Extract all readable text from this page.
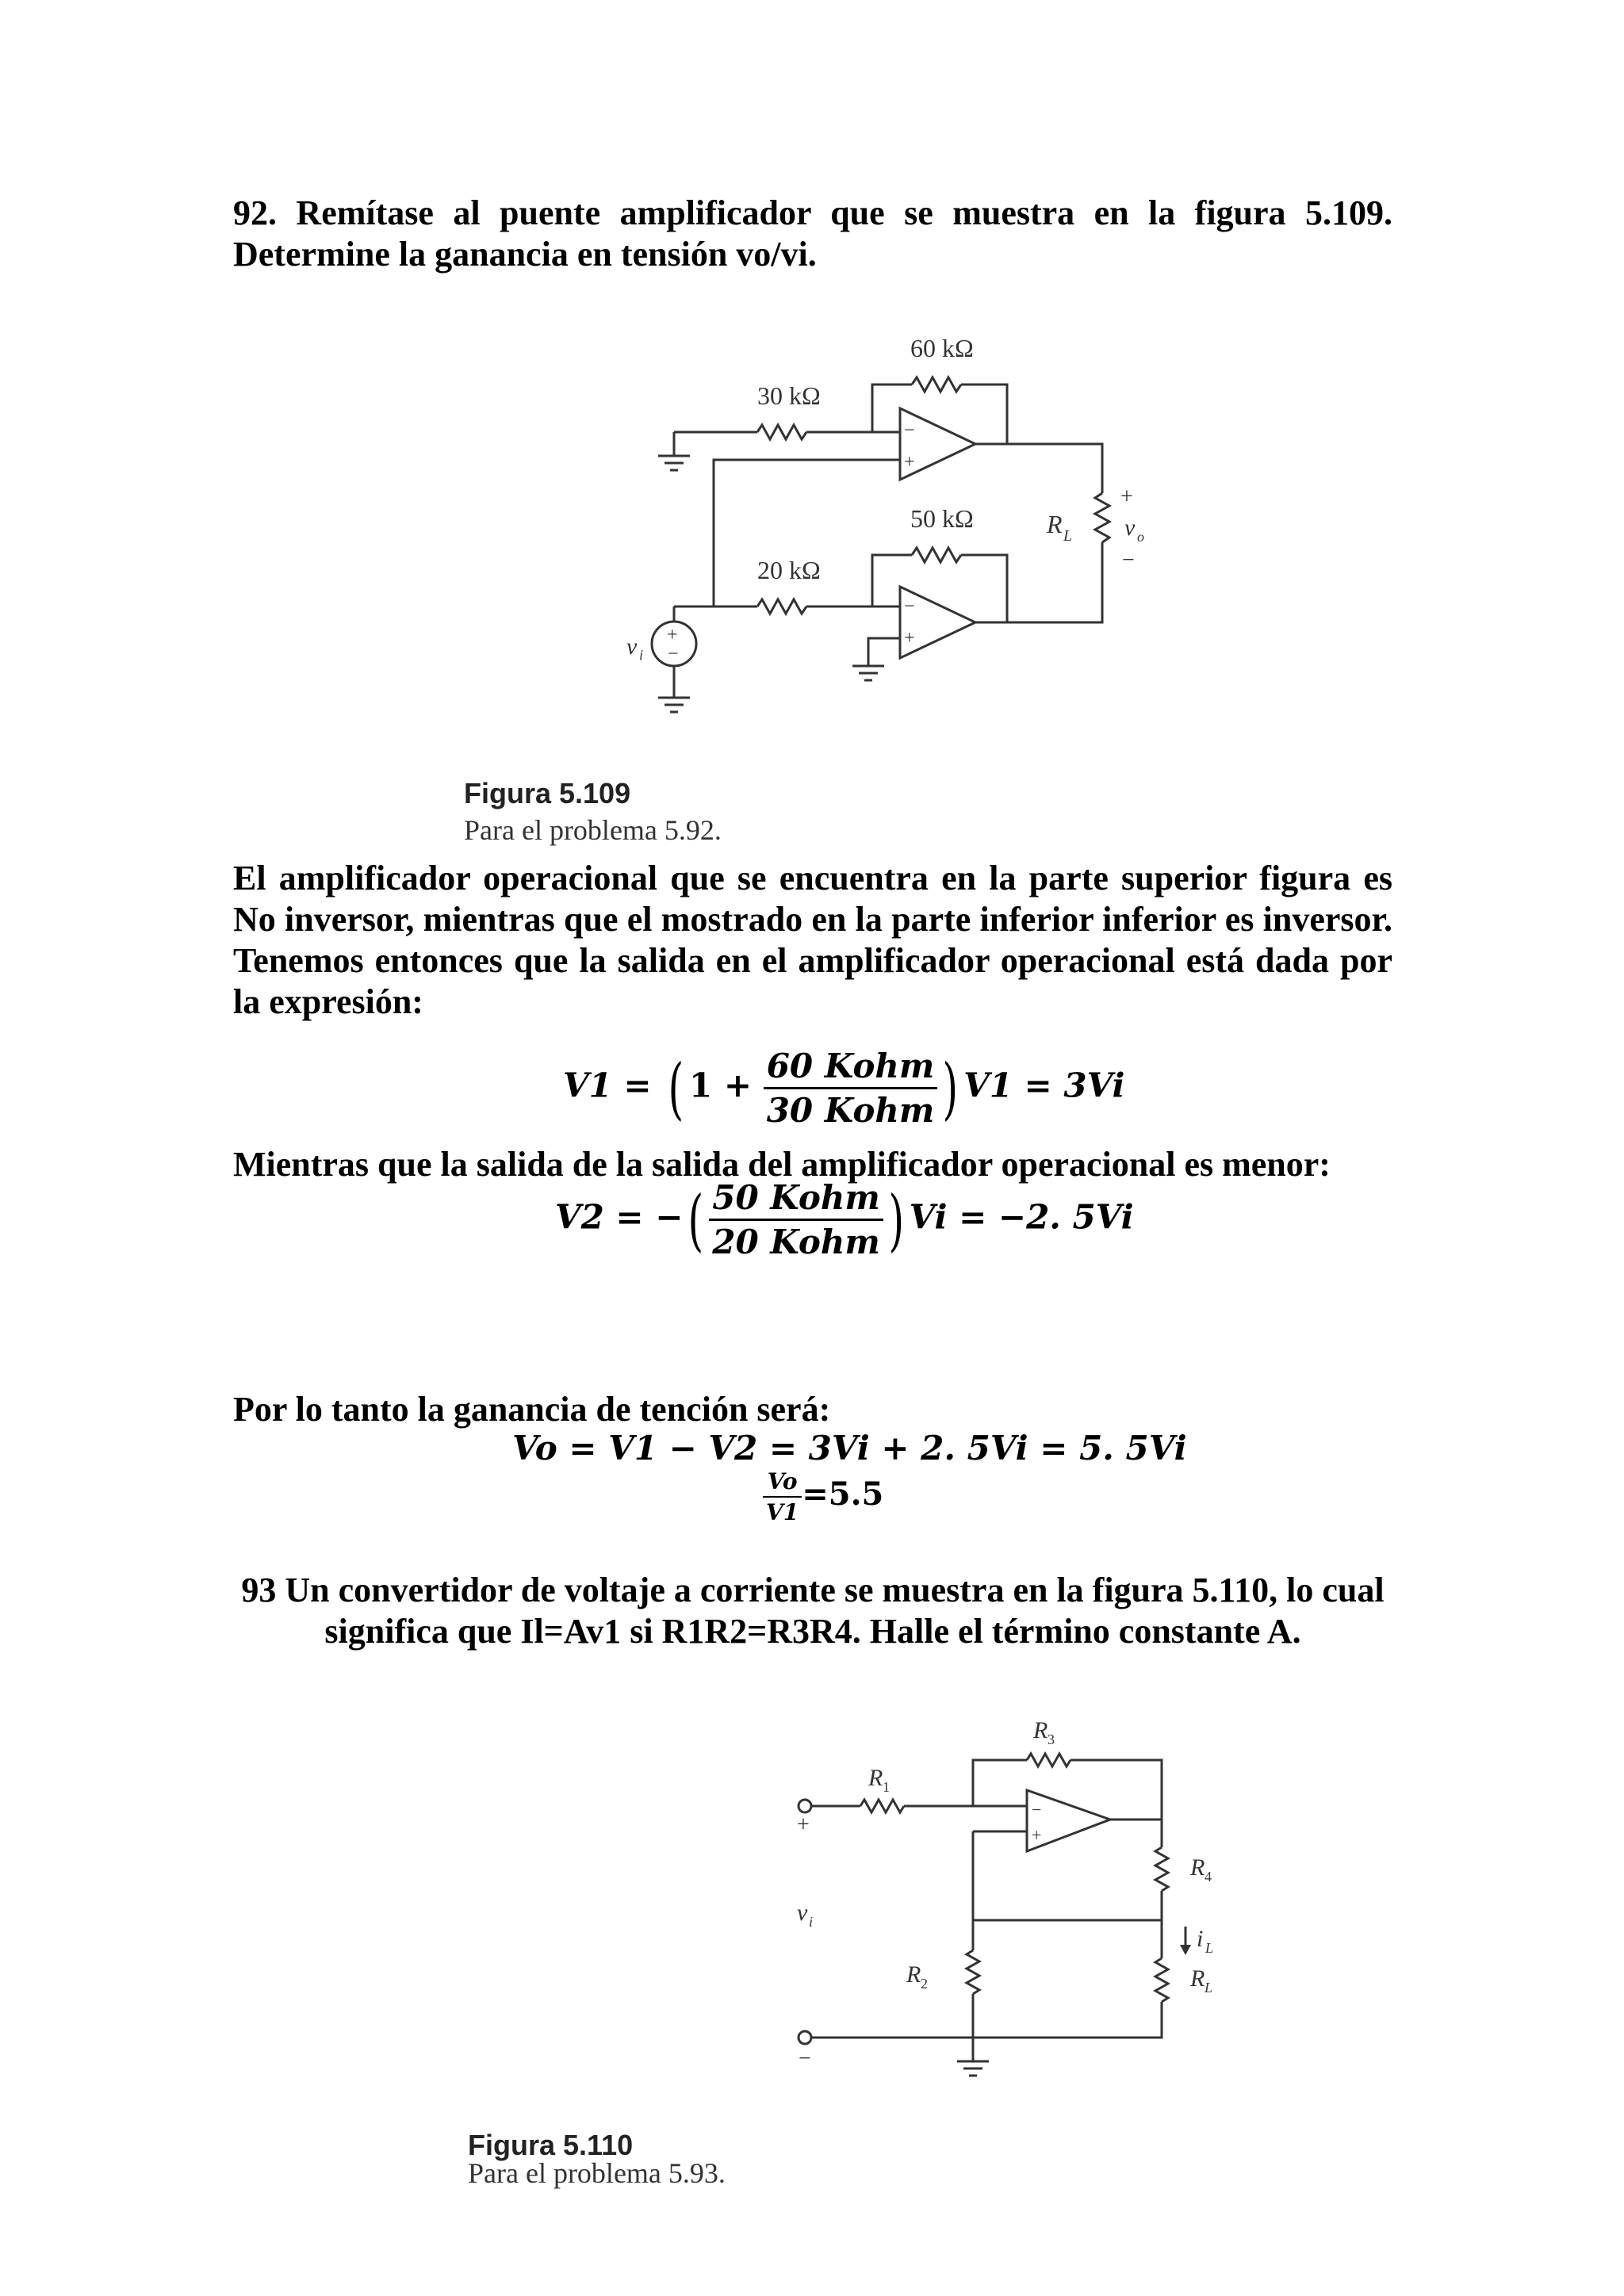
92. Remítase al puente amplificador que se muestra en la figura 5.109. Determine la ganancia en tensión vo/vi.

30 kΩ
60 kΩ
50 kΩ
20 kΩ
−
+
−
+
R L
+
v o
−
v i
+
−

Figura 5.109

Para el problema 5.92.

El amplificador operacional que se encuentra en la parte superior figura es No inversor, mientras que el mostrado en la parte inferior inferior es inversor. Tenemos entonces que la salida en el amplificador operacional está dada por la expresión:

V1 = ( $1 + \frac{\text{60 Kohm}}{\text{30 Kohm}}$ ) V1 = 3Vi

Mientras que la salida de la salida del amplificador operacional es menor:

V2 = −( $\frac{\text{50 Kohm}}{\text{20 Kohm}}$ ) Vi = −2. 5Vi

Por lo tanto la ganancia de tención será:

Vo = V1 − V2 = 3Vi + 2. 5Vi = 5. 5Vi
$\frac{Vo}{V1} =5.5$

93 Un convertidor de voltaje a corriente se muestra en la figura 5.110, lo cual significa que Il=Av1 si R1R2=R3R4. Halle el término constante A.

R 1
R 3
R 4
i L
R L
R 2
v i
+
−
−
+

Figura 5.110

Para el problema 5.93.
